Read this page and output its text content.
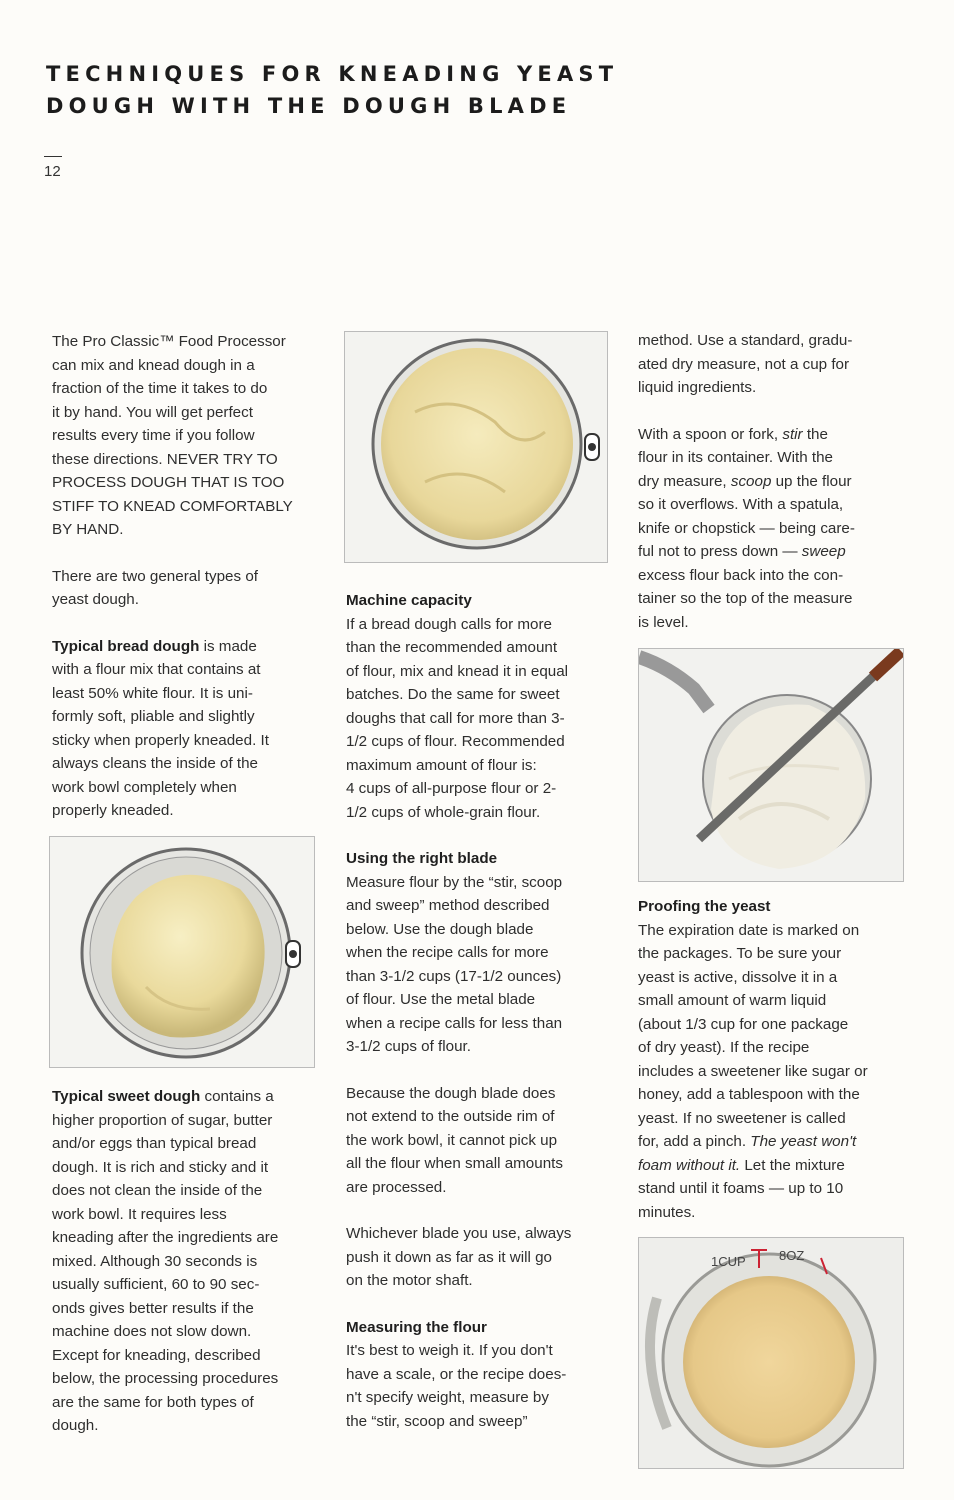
TECHNIQUES FOR KNEADING YEAST
DOUGH WITH THE DOUGH BLADE
12

The Pro Classic™ Food Processor
can mix and knead dough in a
fraction of the time it takes to do
it by hand. You will get perfect
results every time if you follow
these directions. NEVER TRY TO
PROCESS DOUGH THAT IS TOO
STIFF TO KNEAD COMFORTABLY
BY HAND.

There are two general types of
yeast dough.

Typical bread dough is made
with a flour mix that contains at
least 50% white flour. It is uni-
formly soft, pliable and slightly
sticky when properly kneaded. It
always cleans the inside of the
work bowl completely when
properly kneaded.

Typical sweet dough contains a
higher proportion of sugar, butter
and/or eggs than typical bread
dough. It is rich and sticky and it
does not clean the inside of the
work bowl. It requires less
kneading after the ingredients are
mixed. Although 30 seconds is
usually sufficient, 60 to 90 sec-
onds gives better results if the
machine does not slow down.
Except for kneading, described
below, the processing procedures
are the same for both types of
dough.

Machine capacity
If a bread dough calls for more
than the recommended amount
of flour, mix and knead it in equal
batches. Do the same for sweet
doughs that call for more than 3-
1/2 cups of flour. Recommended
maximum amount of flour is:
4 cups of all-purpose flour or 2-
1/2 cups of whole-grain flour.

Using the right blade
Measure flour by the “stir, scoop
and sweep” method described
below. Use the dough blade
when the recipe calls for more
than 3-1/2 cups (17-1/2 ounces)
of flour. Use the metal blade
when a recipe calls for less than
3-1/2 cups of flour.

Because the dough blade does
not extend to the outside rim of
the work bowl, it cannot pick up
all the flour when small amounts
are processed.

Whichever blade you use, always
push it down as far as it will go
on the motor shaft.

Measuring the flour
It's best to weigh it. If you don't
have a scale, or the recipe does-
n't specify weight, measure by
the “stir, scoop and sweep”

method. Use a standard, gradu-
ated dry measure, not a cup for
liquid ingredients.

With a spoon or fork, stir the
flour in its container. With the
dry measure, scoop up the flour
so it overflows. With a spatula,
knife or chopstick — being care-
ful not to press down — sweep
excess flour back into the con-
tainer so the top of the measure
is level.

Proofing the yeast
The expiration date is marked on
the packages. To be sure your
yeast is active, dissolve it in a
small amount of warm liquid
(about 1/3 cup for one package
of dry yeast). If the recipe
includes a sweetener like sugar or
honey, add a tablespoon with the
yeast. If no sweetener is called
for, add a pinch. The yeast won't
foam without it. Let the mixture
stand until it foams — up to 10
minutes.

1CUP	8OZ
